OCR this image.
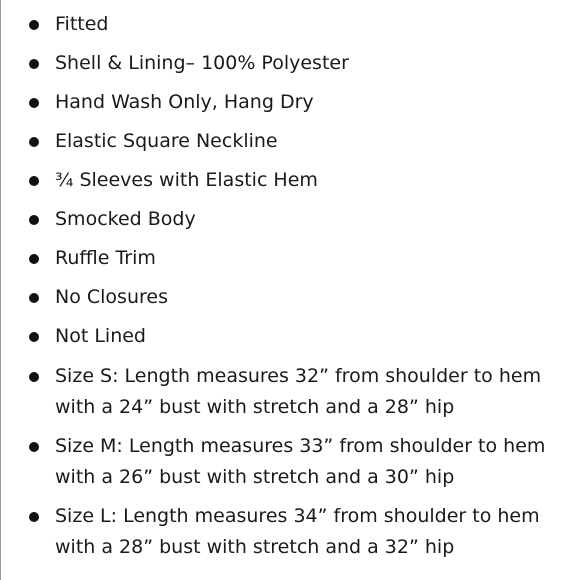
Fitted
Shell & Lining– 100% Polyester
Hand Wash Only, Hang Dry
Elastic Square Neckline
¾ Sleeves with Elastic Hem
Smocked Body
Ruffle Trim
No Closures
Not Lined
Size S: Length measures 32” from shoulder to hem with a 24” bust with stretch and a 28” hip
Size M: Length measures 33” from shoulder to hem with a 26” bust with stretch and a 30” hip
Size L: Length measures 34” from shoulder to hem with a 28” bust with stretch and a 32” hip
